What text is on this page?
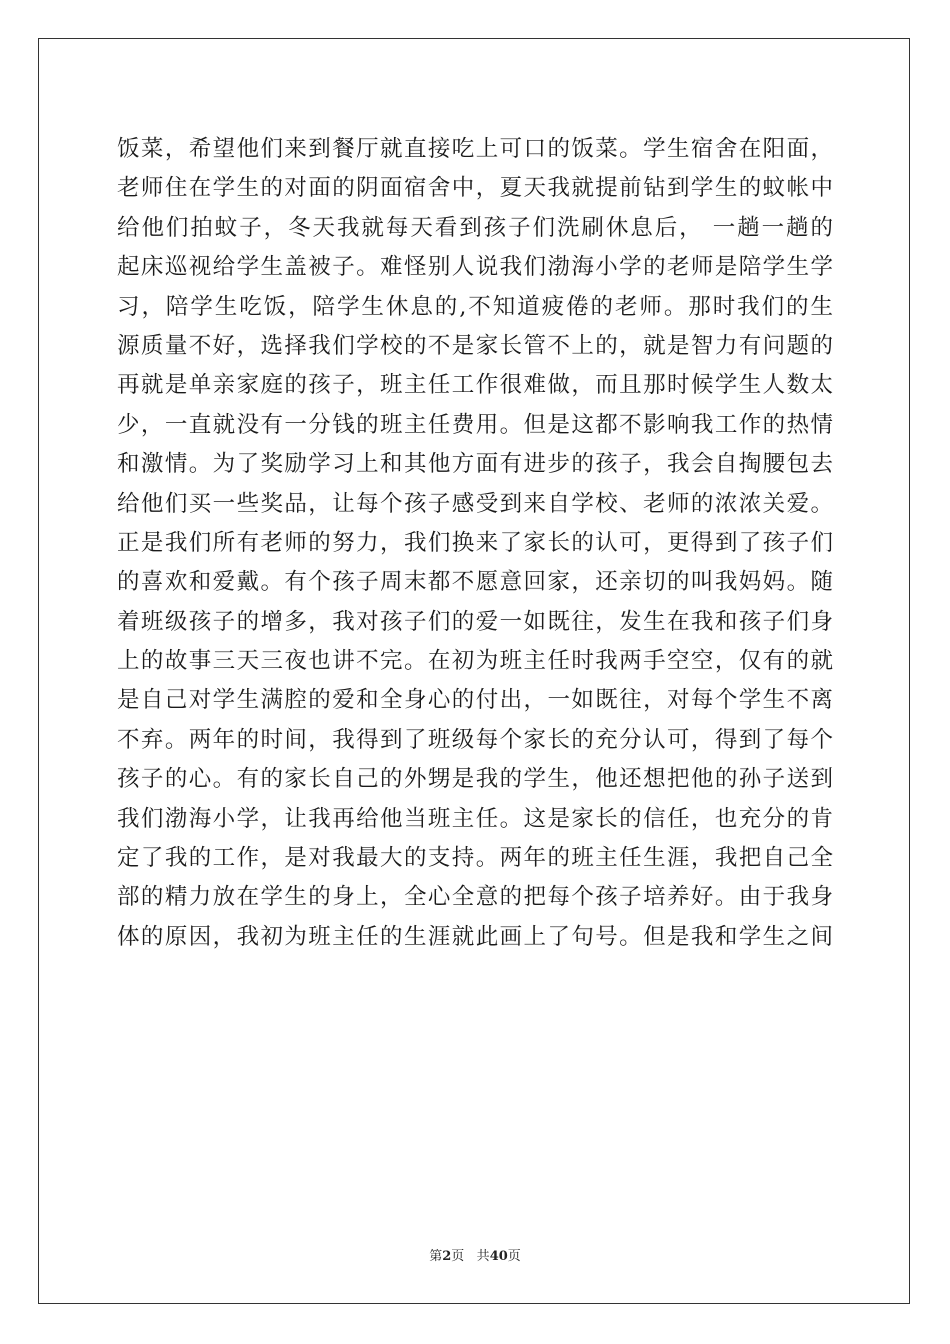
饭菜，希望他们来到餐厅就直接吃上可口的饭菜。学生宿舍在阳面，
老师住在学生的对面的阴面宿舍中，夏天我就提前钻到学生的蚊帐中
给他们拍蚊子，冬天我就每天看到孩子们洗刷休息后， 一趟一趟的
起床巡视给学生盖被子。难怪别人说我们渤海小学的老师是陪学生学
习，陪学生吃饭，陪学生休息的,不知道疲倦的老师。那时我们的生
源质量不好，选择我们学校的不是家长管不上的，就是智力有问题的
再就是单亲家庭的孩子，班主任工作很难做，而且那时候学生人数太
少，一直就没有一分钱的班主任费用。但是这都不影响我工作的热情
和激情。为了奖励学习上和其他方面有进步的孩子，我会自掏腰包去
给他们买一些奖品，让每个孩子感受到来自学校、老师的浓浓关爱。
正是我们所有老师的努力，我们换来了家长的认可，更得到了孩子们
的喜欢和爱戴。有个孩子周末都不愿意回家，还亲切的叫我妈妈。随
着班级孩子的增多，我对孩子们的爱一如既往，发生在我和孩子们身
上的故事三天三夜也讲不完。在初为班主任时我两手空空，仅有的就
是自己对学生满腔的爱和全身心的付出，一如既往，对每个学生不离
不弃。两年的时间，我得到了班级每个家长的充分认可，得到了每个
孩子的心。有的家长自己的外甥是我的学生，他还想把他的孙子送到
我们渤海小学，让我再给他当班主任。这是家长的信任，也充分的肯
定了我的工作，是对我最大的支持。两年的班主任生涯，我把自己全
部的精力放在学生的身上，全心全意的把每个孩子培养好。由于我身
体的原因，我初为班主任的生涯就此画上了句号。但是我和学生之间
第2页 共40页
